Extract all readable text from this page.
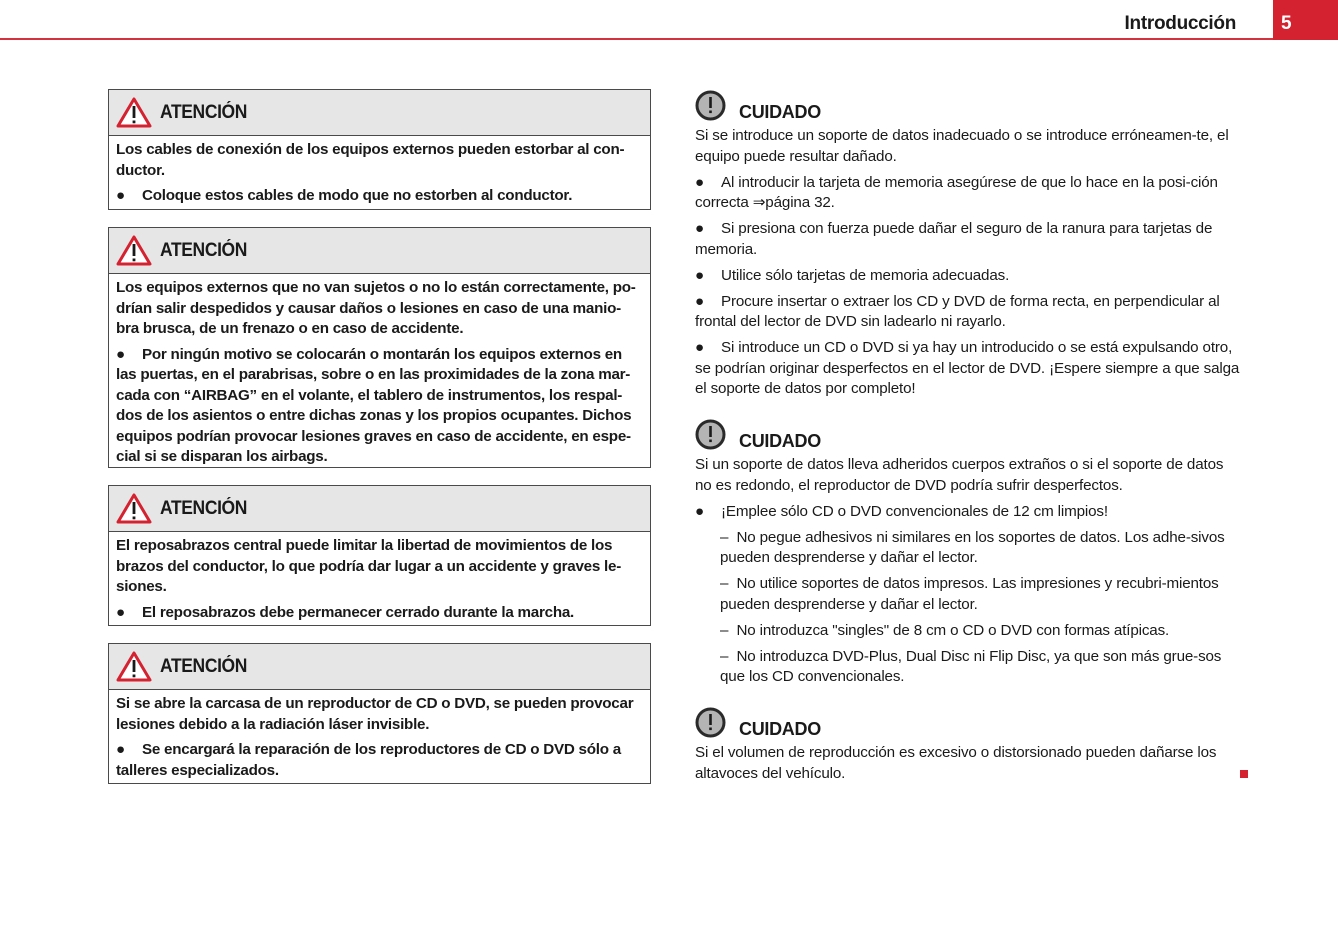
Introducción 5
ATENCIÓN

Los cables de conexión de los equipos externos pueden estorbar al con-ductor.

● Coloque estos cables de modo que no estorben al conductor.

ATENCIÓN

Los equipos externos que no van sujetos o no lo están correctamente, po-drían salir despedidos y causar daños o lesiones en caso de una manio-bra brusca, de un frenazo o en caso de accidente.

● Por ningún motivo se colocarán o montarán los equipos externos en las puertas, en el parabrisas, sobre o en las proximidades de la zona mar-cada con “AIRBAG” en el volante, el tablero de instrumentos, los respal-dos de los asientos o entre dichas zonas y los propios ocupantes. Dichos equipos podrían provocar lesiones graves en caso de accidente, en espe-cial si se disparan los airbags.

ATENCIÓN

El reposabrazos central puede limitar la libertad de movimientos de los brazos del conductor, lo que podría dar lugar a un accidente y graves le-siones.

● El reposabrazos debe permanecer cerrado durante la marcha.

ATENCIÓN

Si se abre la carcasa de un reproductor de CD o DVD, se pueden provocar lesiones debido a la radiación láser invisible.

● Se encargará la reparación de los reproductores de CD o DVD sólo a talleres especializados.

CUIDADO

Si se introduce un soporte de datos inadecuado o se introduce erróneamen-te, el equipo puede resultar dañado.

● Al introducir la tarjeta de memoria asegúrese de que lo hace en la posi-ción correcta ⇒página 32.

● Si presiona con fuerza puede dañar el seguro de la ranura para tarjetas de memoria.

● Utilice sólo tarjetas de memoria adecuadas.

● Procure insertar o extraer los CD y DVD de forma recta, en perpendicular al frontal del lector de DVD sin ladearlo ni rayarlo.

● Si introduce un CD o DVD si ya hay un introducido o se está expulsando otro, se podrían originar desperfectos en el lector de DVD. ¡Espere siempre a que salga el soporte de datos por completo!

CUIDADO

Si un soporte de datos lleva adheridos cuerpos extraños o si el soporte de datos no es redondo, el reproductor de DVD podría sufrir desperfectos.

● ¡Emplee sólo CD o DVD convencionales de 12 cm limpios!

– No pegue adhesivos ni similares en los soportes de datos. Los adhe-sivos pueden desprenderse y dañar el lector.

– No utilice soportes de datos impresos. Las impresiones y recubri-mientos pueden desprenderse y dañar el lector.

– No introduzca "singles" de 8 cm o CD o DVD con formas atípicas.

– No introduzca DVD-Plus, Dual Disc ni Flip Disc, ya que son más grue-sos que los CD convencionales.

CUIDADO

Si el volumen de reproducción es excesivo o distorsionado pueden dañarse los altavoces del vehículo.
